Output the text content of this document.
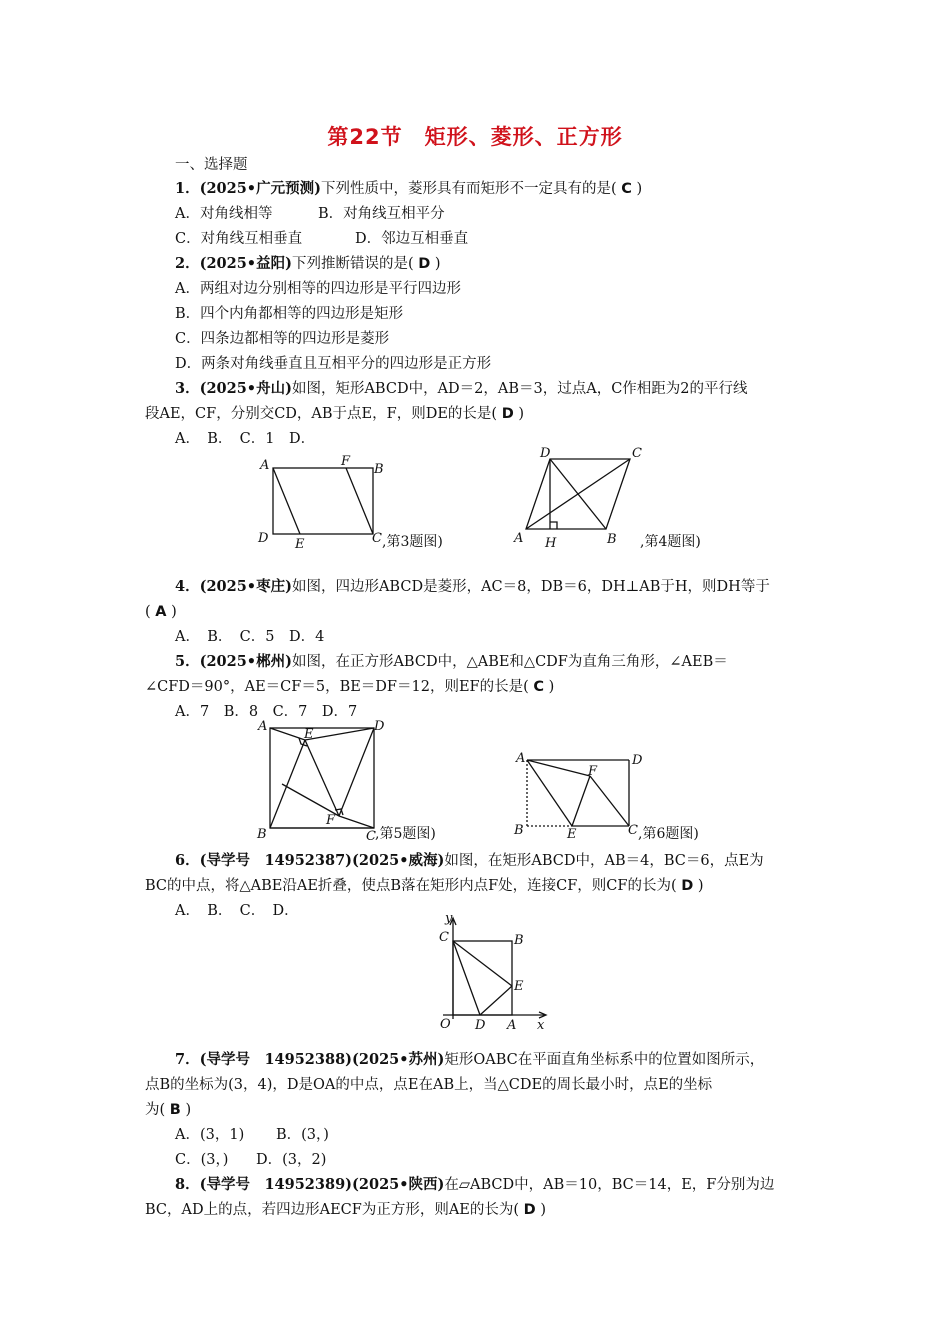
第22节　矩形、菱形、正方形
一、选择题
1．(2025•广元预测)下列性质中，菱形具有而矩形不一定具有的是( C )
A．对角线相等	B．对角线互相平分
C．对角线互相垂直	D．邻边互相垂直
2．(2025•益阳)下列推断错误的是( D )
A．两组对边分别相等的四边形是平行四边形
B．四个内角都相等的四边形是矩形
C．四条边都相等的四边形是菱形
D．两条对角线垂直且互相平分的四边形是正方形
3．(2025•舟山)如图，矩形ABCD中，AD＝2，AB＝3，过点A，C作相距为2的平行线
段AE，CF，分别交CD，AB于点E，F，则DE的长是( D )
A．　B．　C．1　D．
A	F
B
D E	C ,第3题图)
D	C
A H	B ,第4题图)
4．(2025•枣庄)如图，四边形ABCD是菱形，AC＝8，DB＝6，DH⊥AB于H，则DH等于
( A )
A．　B．　C．5　D．4
5．(2025•郴州)如图，在正方形ABCD中，△ABE和△CDF为直角三角形，∠AEB＝
∠CFD＝90°，AE＝CF＝5，BE＝DF＝12，则EF的长是( C )
A．7　B．8　C．7　D．7
A
E
D
F
B	C ,第5题图)
A	D
F
B	E	C ,第6题图)
6．(导学号　14952387)(2025•威海)如图，在矩形ABCD中，AB＝4，BC＝6，点E为
BC的中点，将△ABE沿AE折叠，使点B落在矩形内点F处，连接CF，则CF的长为( D )
A．　B．　C．　D．	y
C	B
E
O D A x
7．(导学号　14952388)(2025•苏州)矩形OABC在平面直角坐标系中的位置如图所示，
点B的坐标为(3，4)，D是OA的中点，点E在AB上，当△CDE的周长最小时，点E的坐标
为( B )
A．(3，1) B．(3，)
C．(3，) D．(3，2)
8．(导学号　14952389)(2025•陕西)在▱ABCD中，AB＝10，BC＝14，E，F分别为边
BC，AD上的点，若四边形AECF为正方形，则AE的长为( D )
